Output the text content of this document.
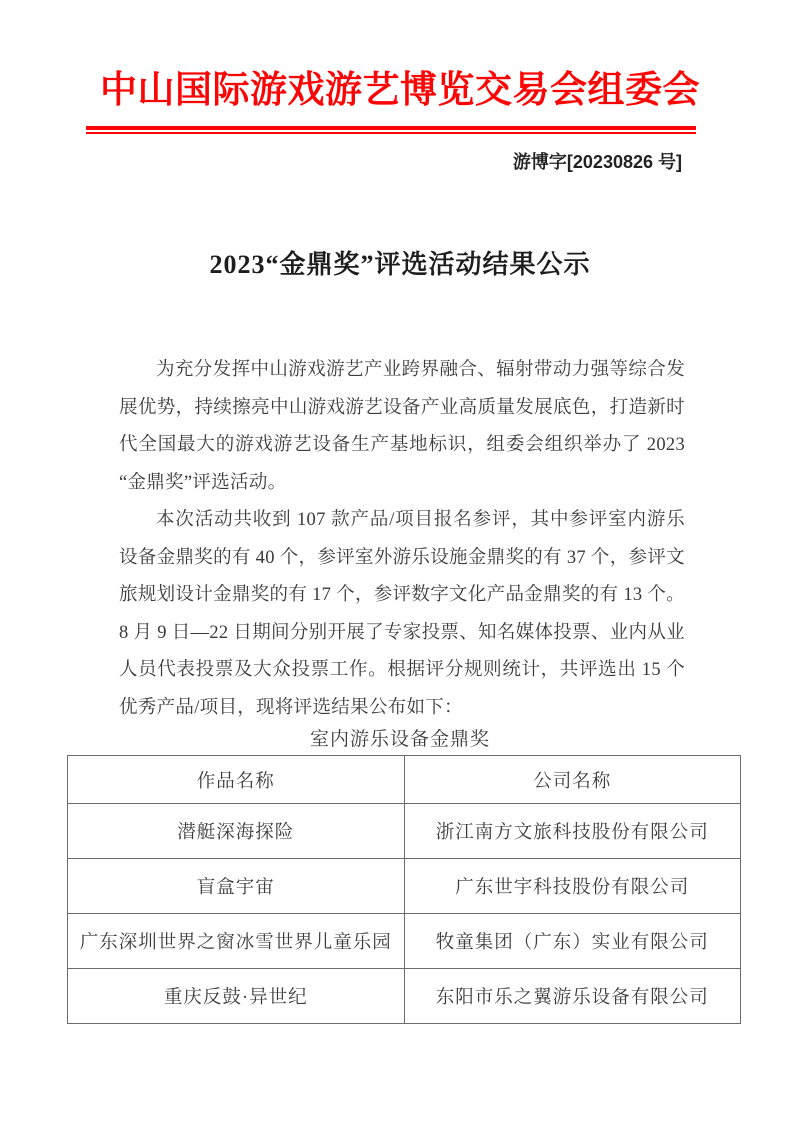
中山国际游戏游艺博览交易会组委会
游博字[20230826 号]
2023“金鼎奖”评选活动结果公示
为充分发挥中山游戏游艺产业跨界融合、辐射带动力强等综合发
展优势，持续擦亮中山游戏游艺设备产业高质量发展底色，打造新时
代全国最大的游戏游艺设备生产基地标识，组委会组织举办了 2023
“金鼎奖”评选活动。
本次活动共收到 107 款产品/项目报名参评，其中参评室内游乐
设备金鼎奖的有 40 个，参评室外游乐设施金鼎奖的有 37 个，参评文
旅规划设计金鼎奖的有 17 个，参评数字文化产品金鼎奖的有 13 个。
8 月 9 日—22 日期间分别开展了专家投票、知名媒体投票、业内从业
人员代表投票及大众投票工作。根据评分规则统计，共评选出 15 个
优秀产品/项目，现将评选结果公布如下：
室内游乐设备金鼎奖
作品名称	公司名称
潜艇深海探险	浙江南方文旅科技股份有限公司
盲盒宇宙	广东世宇科技股份有限公司
广东深圳世界之窗冰雪世界儿童乐园	牧童集团（广东）实业有限公司
重庆反鼓·异世纪	东阳市乐之翼游乐设备有限公司
